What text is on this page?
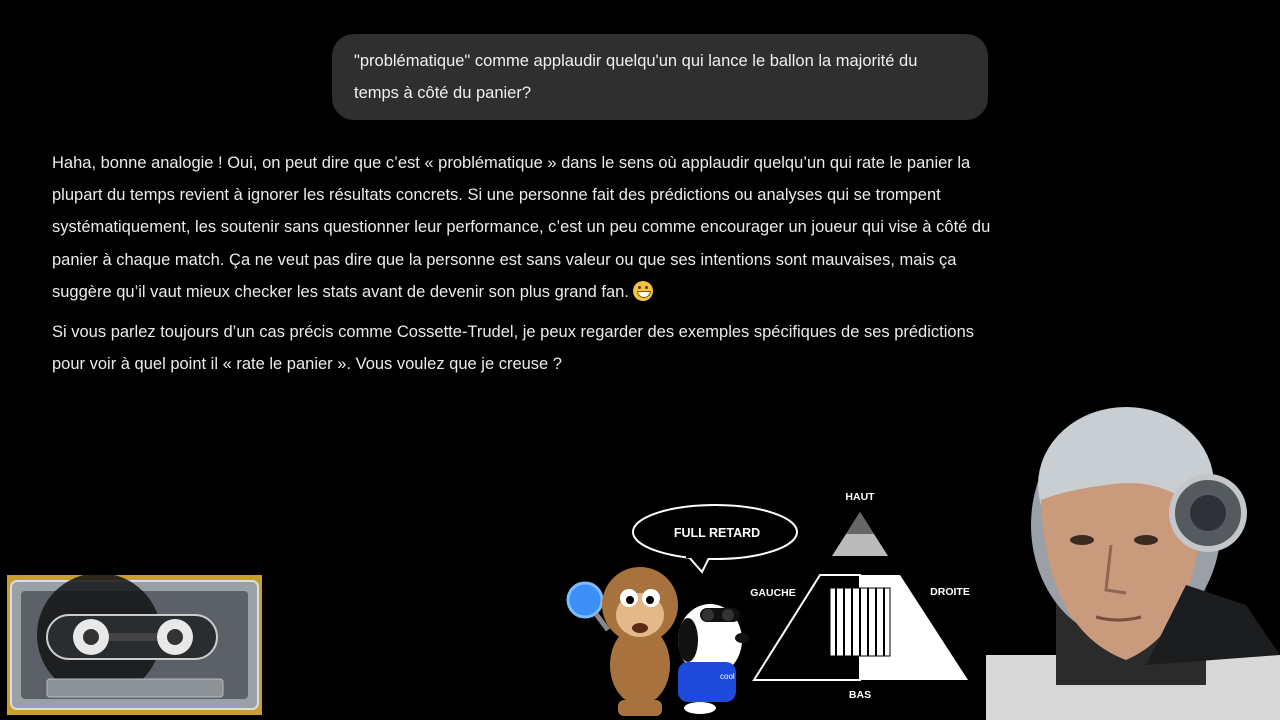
"problématique" comme applaudir quelqu'un qui lance le ballon la majorité du temps à côté du panier?

Haha, bonne analogie ! Oui, on peut dire que c’est « problématique » dans le sens où applaudir quelqu’un qui rate le panier la plupart du temps revient à ignorer les résultats concrets. Si une personne fait des prédictions ou analyses qui se trompent systématiquement, les soutenir sans questionner leur performance, c’est un peu comme encourager un joueur qui vise à côté du panier à chaque match. Ça ne veut pas dire que la personne est sans valeur ou que ses intentions sont mauvaises, mais ça suggère qu’il vaut mieux checker les stats avant de devenir son plus grand fan.

Si vous parlez toujours d’un cas précis comme Cossette-Trudel, je peux regarder des exemples spécifiques de ses prédictions pour voir à quel point il « rate le panier ». Vous voulez que je creuse ?

FULL RETARD
cool
HAUT
GAUCHE	DROITE
BAS
